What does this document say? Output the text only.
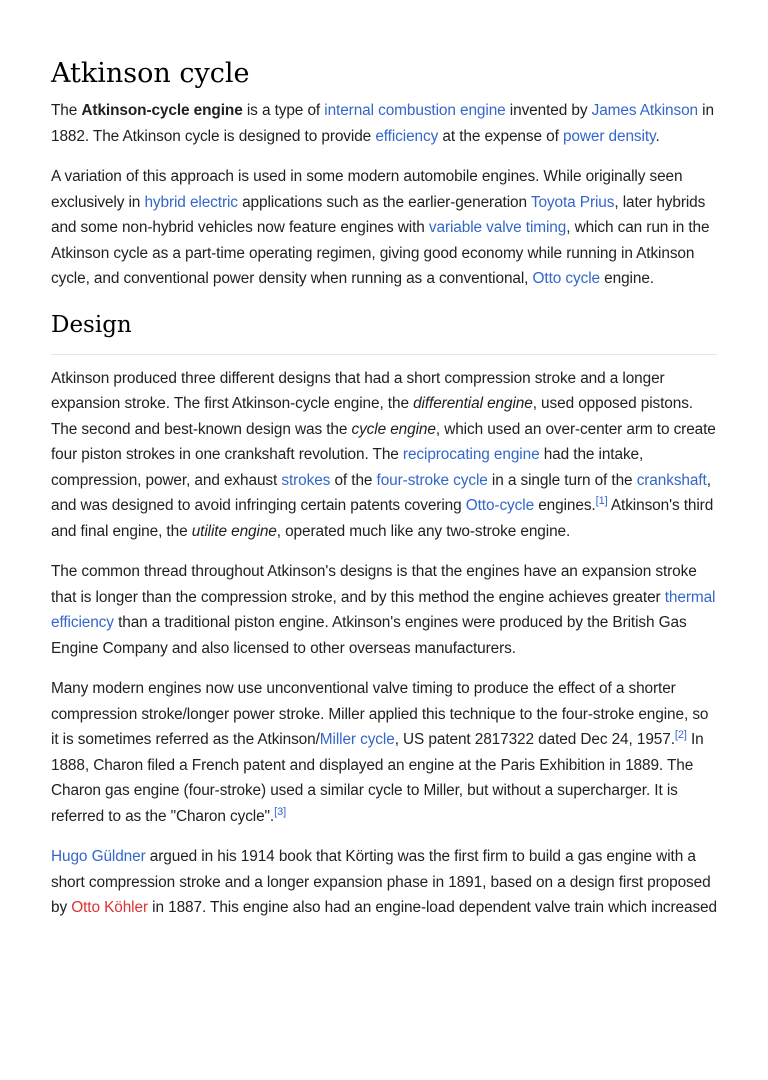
Atkinson cycle

The Atkinson-cycle engine is a type of internal combustion engine invented by James Atkinson in 1882. The Atkinson cycle is designed to provide efficiency at the expense of power density.

A variation of this approach is used in some modern automobile engines. While originally seen exclusively in hybrid electric applications such as the earlier-generation Toyota Prius, later hybrids and some non-hybrid vehicles now feature engines with variable valve timing, which can run in the Atkinson cycle as a part-time operating regimen, giving good economy while running in Atkinson cycle, and conventional power density when running as a conventional, Otto cycle engine.

Design

Atkinson produced three different designs that had a short compression stroke and a longer expansion stroke. The first Atkinson-cycle engine, the differential engine, used opposed pistons. The second and best-known design was the cycle engine, which used an over-center arm to create four piston strokes in one crankshaft revolution. The reciprocating engine had the intake, compression, power, and exhaust strokes of the four-stroke cycle in a single turn of the crankshaft, and was designed to avoid infringing certain patents covering Otto-cycle engines.[1] Atkinson's third and final engine, the utilite engine, operated much like any two-stroke engine.

The common thread throughout Atkinson's designs is that the engines have an expansion stroke that is longer than the compression stroke, and by this method the engine achieves greater thermal efficiency than a traditional piston engine. Atkinson's engines were produced by the British Gas Engine Company and also licensed to other overseas manufacturers.

Many modern engines now use unconventional valve timing to produce the effect of a shorter compression stroke/longer power stroke. Miller applied this technique to the four-stroke engine, so it is sometimes referred as the Atkinson/Miller cycle, US patent 2817322 dated Dec 24, 1957.[2] In 1888, Charon filed a French patent and displayed an engine at the Paris Exhibition in 1889. The Charon gas engine (four-stroke) used a similar cycle to Miller, but without a supercharger. It is referred to as the "Charon cycle".[3]

Hugo Güldner argued in his 1914 book that Körting was the first firm to build a gas engine with a short compression stroke and a longer expansion phase in 1891, based on a design first proposed by Otto Köhler in 1887. This engine also had an engine-load dependent valve train which increased
